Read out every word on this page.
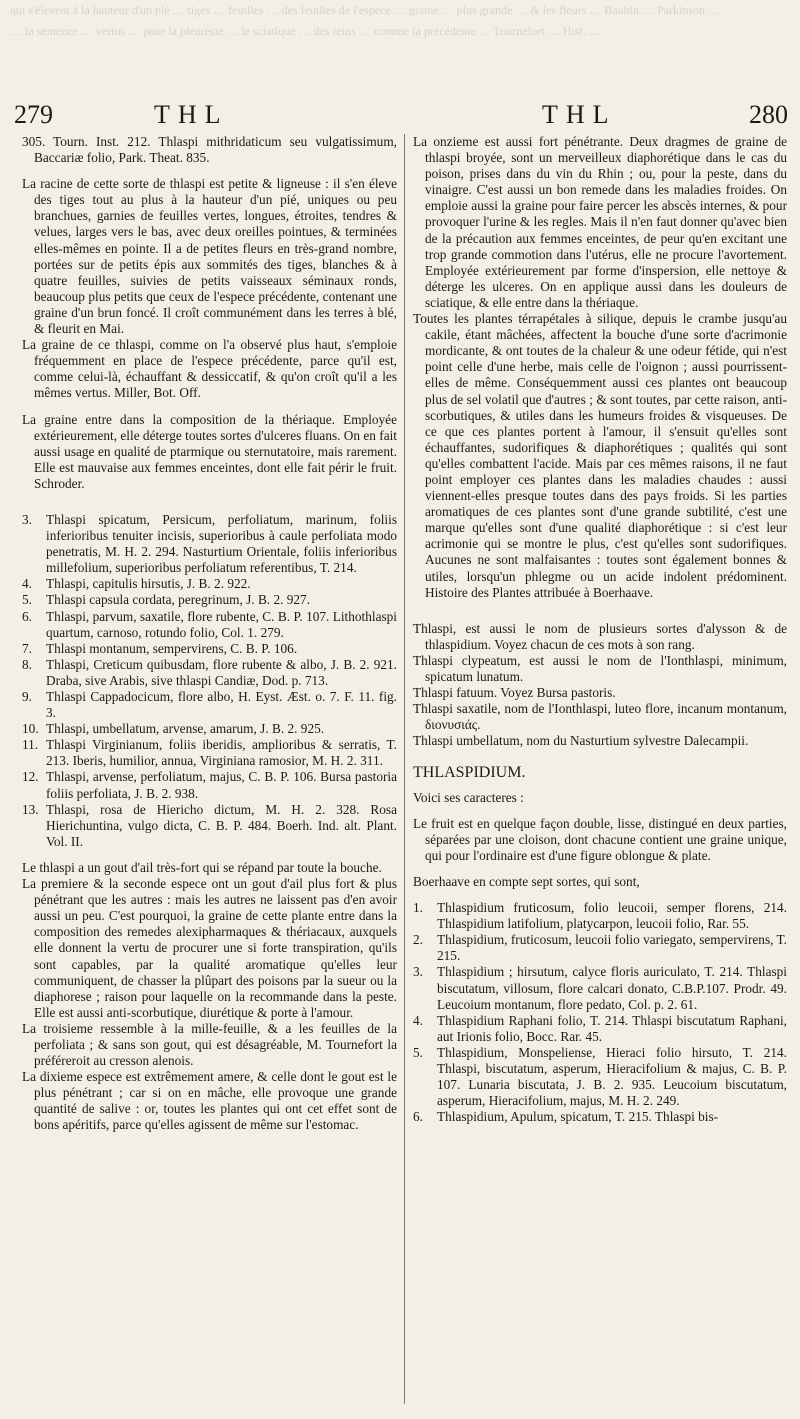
qui s'élevent à la hauteur d'un pié … tiges … feuilles … des feuilles de l'espece … graine … plus grande … & les fleurs … Bauhin … Parkinson …

… la semence … vertus … pour la pleurésie … le sciatique … des reins … comme la précédente … Tournefort … Hist. …

279	THL	THL	280

305. Tourn. Inst. 212. Thlaspi mithridaticum seu vulgatissimum, Baccariæ folio, Park. Theat. 835.

La racine de cette sorte de thlaspi est petite & ligneuse : il s'en éleve des tiges tout au plus à la hauteur d'un pié, uniques ou peu branchues, garnies de feuilles vertes, longues, étroites, tendres & velues, larges vers le bas, avec deux oreilles pointues, & terminées elles-mêmes en pointe. Il a de petites fleurs en très-grand nombre, portées sur de petits épis aux sommités des tiges, blanches & à quatre feuilles, suivies de petits vaisseaux séminaux ronds, beaucoup plus petits que ceux de l'espece précédente, contenant une graine d'un brun foncé. Il croît communément dans les terres à blé, & fleurit en Mai.

La graine de ce thlaspi, comme on l'a observé plus haut, s'emploie fréquemment en place de l'espece précédente, parce qu'il est, comme celui-là, échauffant & dessiccatif, & qu'on croît qu'il a les mêmes vertus. Miller, Bot. Off.

La graine entre dans la composition de la thériaque. Employée extérieurement, elle déterge toutes sortes d'ulceres fluans. On en fait aussi usage en qualité de ptarmique ou sternutatoire, mais rarement. Elle est mauvaise aux femmes enceintes, dont elle fait périr le fruit. Schroder.

3. Thlaspi spicatum, Persicum, perfoliatum, marinum, foliis inferioribus tenuiter incisis, superioribus à caule perfoliata modo penetratis, M. H. 2. 294. Nasturtium Orientale, foliis inferioribus millefolium, superioribus perfoliatum referentibus, T. 214.
4. Thlaspi, capitulis hirsutis, J. B. 2. 922.
5. Thlaspi capsula cordata, peregrinum, J. B. 2. 927.
6. Thlaspi, parvum, saxatile, flore rubente, C. B. P. 107. Lithothlaspi quartum, carnoso, rotundo folio, Col. 1. 279.
7. Thlaspi montanum, sempervirens, C. B. P. 106.
8. Thlaspi, Creticum quibusdam, flore rubente & albo, J. B. 2. 921. Draba, sive Arabis, sive thlaspi Candiæ, Dod. p. 713.
9. Thlaspi Cappadocicum, flore albo, H. Eyst. Æst. o. 7. F. 11. fig. 3.
10. Thlaspi, umbellatum, arvense, amarum, J. B. 2. 925.
11. Thlaspi Virginianum, foliis iberidis, amplioribus & serratis, T. 213. Iberis, humilior, annua, Virginiana ramosior, M. H. 2. 311.
12. Thlaspi, arvense, perfoliatum, majus, C. B. P. 106. Bursa pastoria foliis perfoliata, J. B. 2. 938.
13. Thlaspi, rosa de Hiericho dictum, M. H. 2. 328. Rosa Hierichuntina, vulgo dicta, C. B. P. 484. Boerh. Ind. alt. Plant. Vol. II.

Le thlaspi a un gout d'ail très-fort qui se répand par toute la bouche.

La premiere & la seconde espece ont un gout d'ail plus fort & plus pénétrant que les autres : mais les autres ne laissent pas d'en avoir aussi un peu. C'est pourquoi, la graine de cette plante entre dans la composition des remedes alexipharmaques & thériacaux, auxquels elle donnent la vertu de procurer une si forte transpiration, qu'ils sont capables, par la qualité aromatique qu'elles leur communiquent, de chasser la plûpart des poisons par la sueur ou la diaphorese ; raison pour laquelle on la recommande dans la peste. Elle est aussi anti-scorbutique, diurétique & porte à l'amour.

La troisieme ressemble à la mille-feuille, & a les feuilles de la perfoliata ; & sans son gout, qui est désagréable, M. Tournefort la préféreroit au cresson alenois.

La dixieme espece est extrêmement amere, & celle dont le gout est le plus pénétrant ; car si on en mâche, elle provoque une grande quantité de salive : or, toutes les plantes qui ont cet effet sont de bons apéritifs, parce qu'elles agissent de même sur l'estomac.

La onzieme est aussi fort pénétrante. Deux dragmes de graine de thlaspi broyée, sont un merveilleux diaphorétique dans le cas du poison, prises dans du vin du Rhin ; ou, pour la peste, dans du vinaigre. C'est aussi un bon remede dans les maladies froides. On emploie aussi la graine pour faire percer les abscès internes, & pour provoquer l'urine & les regles. Mais il n'en faut donner qu'avec bien de la précaution aux femmes enceintes, de peur qu'en excitant une trop grande commotion dans l'utérus, elle ne procure l'avortement. Employée extérieurement par forme d'inspersion, elle nettoye & déterge les ulceres. On en applique aussi dans les douleurs de sciatique, & elle entre dans la thériaque.

Toutes les plantes térrapétales à silique, depuis le crambe jusqu'au cakile, étant mâchées, affectent la bouche d'une sorte d'acrimonie mordicante, & ont toutes de la chaleur & une odeur fétide, qui n'est point celle d'une herbe, mais celle de l'oignon ; aussi pourrissent-elles de même. Conséquemment aussi ces plantes ont beaucoup plus de sel volatil que d'autres ; & sont toutes, par cette raison, anti-scorbutiques, & utiles dans les humeurs froides & visqueuses. De ce que ces plantes portent à l'amour, il s'ensuit qu'elles sont échauffantes, sudorifiques & diaphorétiques ; qualités qui sont qu'elles combattent l'acide. Mais par ces mêmes raisons, il ne faut point employer ces plantes dans les maladies chaudes : aussi viennent-elles presque toutes dans des pays froids. Si les parties aromatiques de ces plantes sont d'une grande subtilité, c'est une marque qu'elles sont d'une qualité diaphorétique : si c'est leur acrimonie qui se montre le plus, c'est qu'elles sont sudorifiques. Aucunes ne sont malfaisantes : toutes sont également bonnes & utiles, lorsqu'un phlegme ou un acide indolent prédominent. Histoire des Plantes attribuée à Boerhaave.

Thlaspi, est aussi le nom de plusieurs sortes d'alysson & de thlaspidium. Voyez chacun de ces mots à son rang.

Thlaspi clypeatum, est aussi le nom de l'Ionthlaspi, minimum, spicatum lunatum.

Thlaspi fatuum. Voyez Bursa pastoris.

Thlaspi saxatile, nom de l'Ionthlaspi, luteo flore, incanum montanum, διονυσιάς.

Thlaspi umbellatum, nom du Nasturtium sylvestre Dalecampii.

THLASPIDIUM.

Voici ses caracteres :

Le fruit est en quelque façon double, lisse, distingué en deux parties, séparées par une cloison, dont chacune contient une graine unique, qui pour l'ordinaire est d'une figure oblongue & plate.

Boerhaave en compte sept sortes, qui sont,

1. Thlaspidium fruticosum, folio leucoii, semper florens, 214. Thlaspidium latifolium, platycarpon, leucoii folio, Rar. 55.
2. Thlaspidium, fruticosum, leucoii folio variegato, sempervirens, T. 215.
3. Thlaspidium ; hirsutum, calyce floris auriculato, T. 214. Thlaspi biscutatum, villosum, flore calcari donato, C.B.P.107. Prodr. 49. Leucoium montanum, flore pedato, Col. p. 2. 61.
4. Thlaspidium Raphani folio, T. 214. Thlaspi biscutatum Raphani, aut Irionis folio, Bocc. Rar. 45.
5. Thlaspidium, Monspeliense, Hieraci folio hirsuto, T. 214. Thlaspi, biscutatum, asperum, Hieracifolium & majus, C. B. P. 107. Lunaria biscutata, J. B. 2. 935. Leucoium biscutatum, asperum, Hieracifolium, majus, M. H. 2. 249.
6. Thlaspidium, Apulum, spicatum, T. 215. Thlaspi bis-
